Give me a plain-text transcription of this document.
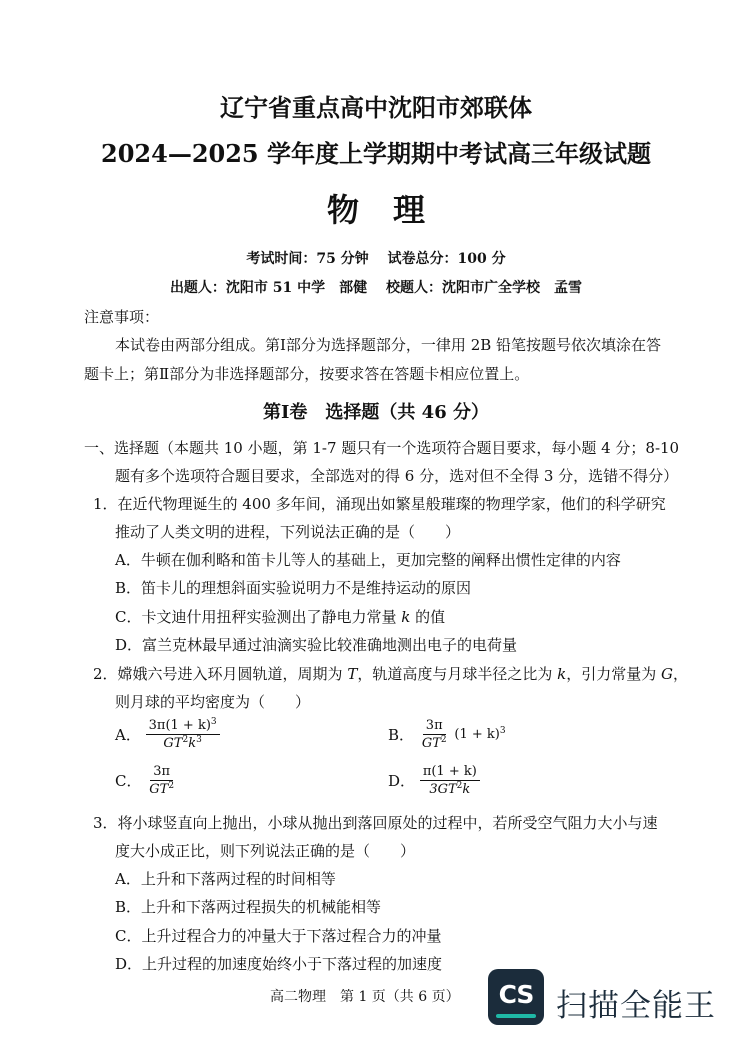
辽宁省重点高中沈阳市郊联体
2024—2025 学年度上学期期中考试高三年级试题
物理
考试时间：75 分钟　 试卷总分：100 分
出题人：沈阳市 51 中学　部健　 校题人：沈阳市广全学校　孟雪
注意事项：
本试卷由两部分组成。第Ⅰ部分为选择题部分，一律用 2B 铅笔按题号依次填涂在答
题卡上；第Ⅱ部分为非选择题部分，按要求答在答题卡相应位置上。
第Ⅰ卷　选择题（共 46 分）
一、选择题（本题共 10 小题，第 1-7 题只有一个选项符合题目要求，每小题 4 分；8-10
题有多个选项符合题目要求，全部选对的得 6 分，选对但不全得 3 分，选错不得分）
1．在近代物理诞生的 400 多年间，涌现出如繁星般璀璨的物理学家，他们的科学研究
推动了人类文明的进程，下列说法正确的是（　　）
A．牛顿在伽利略和笛卡儿等人的基础上，更加完整的阐释出惯性定律的内容
B．笛卡儿的理想斜面实验说明力不是维持运动的原因
C．卡文迪什用扭秤实验测出了静电力常量 k 的值
D．富兰克林最早通过油滴实验比较准确地测出电子的电荷量
2．嫦娥六号进入环月圆轨道，周期为 T，轨道高度与月球半径之比为 k，引力常量为 G，
则月球的平均密度为（　　）
A． $\frac{3\pi(1 + k)^3}{GT^2k^3}$	B． $\frac{3\pi}{GT^2} (1 + k)^3$
C． $\frac{3\pi}{GT^2}$	D． $\frac{\pi(1 + k)}{3GT^2k}$
3．将小球竖直向上抛出，小球从抛出到落回原处的过程中，若所受空气阻力大小与速
度大小成正比，则下列说法正确的是（　　）
A．上升和下落两过程的时间相等
B．上升和下落两过程损失的机械能相等
C．上升过程合力的冲量大于下落过程合力的冲量
D．上升过程的加速度始终小于下落过程的加速度
高二物理　第 1 页（共 6 页）	CS 扫描全能王
